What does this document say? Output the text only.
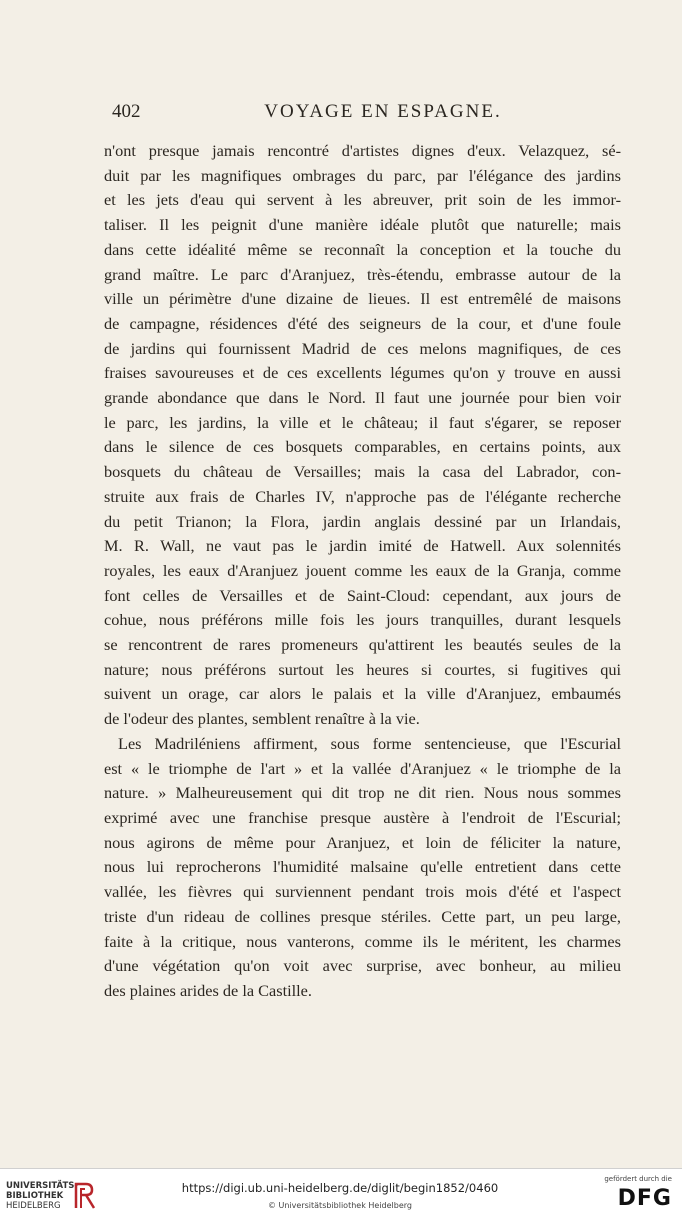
402	VOYAGE EN ESPAGNE.
n'ont presque jamais rencontré d'artistes dignes d'eux. Velazquez, sé-
duit par les magnifiques ombrages du parc, par l'élégance des jardins
et les jets d'eau qui servent à les abreuver, prit soin de les immor-
taliser. Il les peignit d'une manière idéale plutôt que naturelle; mais
dans cette idéalité même se reconnaît la conception et la touche du
grand maître. Le parc d'Aranjuez, très-étendu, embrasse autour de la
ville un périmètre d'une dizaine de lieues. Il est entremêlé de maisons
de campagne, résidences d'été des seigneurs de la cour, et d'une foule
de jardins qui fournissent Madrid de ces melons magnifiques, de ces
fraises savoureuses et de ces excellents légumes qu'on y trouve en aussi
grande abondance que dans le Nord. Il faut une journée pour bien voir
le parc, les jardins, la ville et le château; il faut s'égarer, se reposer
dans le silence de ces bosquets comparables, en certains points, aux
bosquets du château de Versailles; mais la casa del Labrador, con-
struite aux frais de Charles IV, n'approche pas de l'élégante recherche
du petit Trianon; la Flora, jardin anglais dessiné par un Irlandais,
M. R. Wall, ne vaut pas le jardin imité de Hatwell. Aux solennités
royales, les eaux d'Aranjuez jouent comme les eaux de la Granja, comme
font celles de Versailles et de Saint-Cloud: cependant, aux jours de
cohue, nous préférons mille fois les jours tranquilles, durant lesquels
se rencontrent de rares promeneurs qu'attirent les beautés seules de la
nature; nous préférons surtout les heures si courtes, si fugitives qui
suivent un orage, car alors le palais et la ville d'Aranjuez, embaumés
de l'odeur des plantes, semblent renaître à la vie.
Les Madriléniens affirment, sous forme sentencieuse, que l'Escurial
est « le triomphe de l'art » et la vallée d'Aranjuez « le triomphe de la
nature. » Malheureusement qui dit trop ne dit rien. Nous nous sommes
exprimé avec une franchise presque austère à l'endroit de l'Escurial;
nous agirons de même pour Aranjuez, et loin de féliciter la nature,
nous lui reprocherons l'humidité malsaine qu'elle entretient dans cette
vallée, les fièvres qui surviennent pendant trois mois d'été et l'aspect
triste d'un rideau de collines presque stériles. Cette part, un peu large,
faite à la critique, nous vanterons, comme ils le méritent, les charmes
d'une végétation qu'on voit avec surprise, avec bonheur, au milieu
des plaines arides de la Castille.
UNIVERSITÄTS-
BIBLIOTHEK
HEIDELBERG
https://digi.ub.uni-heidelberg.de/diglit/begin1852/0460
© Universitätsbibliothek Heidelberg
gefördert durch die
DFG
